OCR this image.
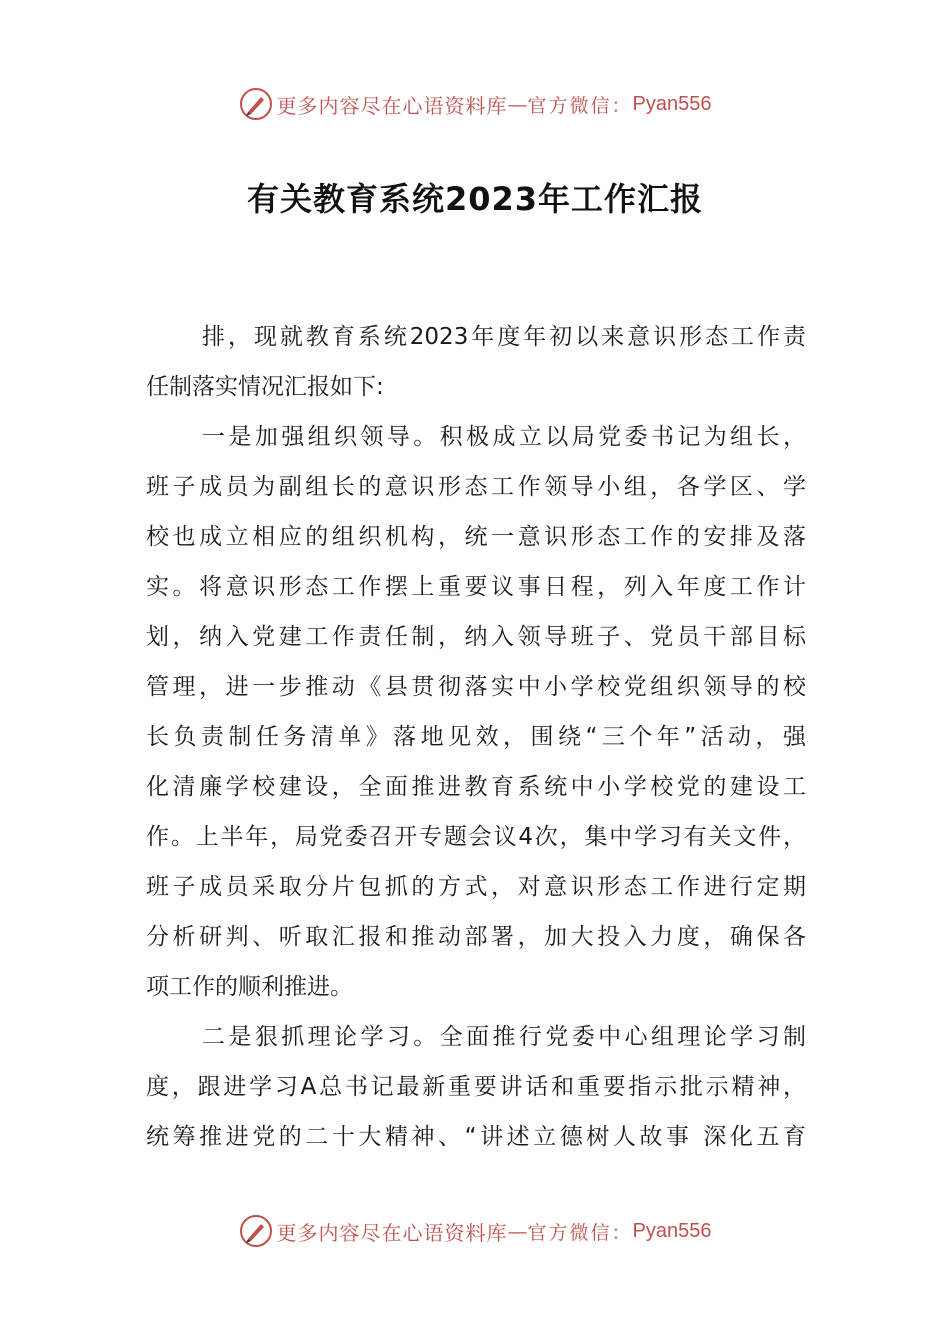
更多内容尽在心语资料库 — 官方微信： Pyan556
有关教育系统2023年工作汇报
排，现就教育系统2023年度年初以来意识形态工作责
任制落实情况汇报如下:
一是加强组织领导。积极成立以局党委书记为组长，
班子成员为副组长的意识形态工作领导小组，各学区、学
校也成立相应的组织机构，统一意识形态工作的安排及落
实。将意识形态工作摆上重要议事日程，列入年度工作计
划，纳入党建工作责任制，纳入领导班子、党员干部目标
管理，进一步推动《县贯彻落实中小学校党组织领导的校
长负责制任务清单》落地见效，围绕“三个年”活动，强
化清廉学校建设，全面推进教育系统中小学校党的建设工
作。上半年，局党委召开专题会议4次，集中学习有关文件，
班子成员采取分片包抓的方式，对意识形态工作进行定期
分析研判、听取汇报和推动部署，加大投入力度，确保各
项工作的顺利推进。
二是狠抓理论学习。全面推行党委中心组理论学习制
度，跟进学习A总书记最新重要讲话和重要指示批示精神，
统筹推进党的二十大精神、“讲述立德树人故事 深化五育
更多内容尽在心语资料库 — 官方微信： Pyan556
